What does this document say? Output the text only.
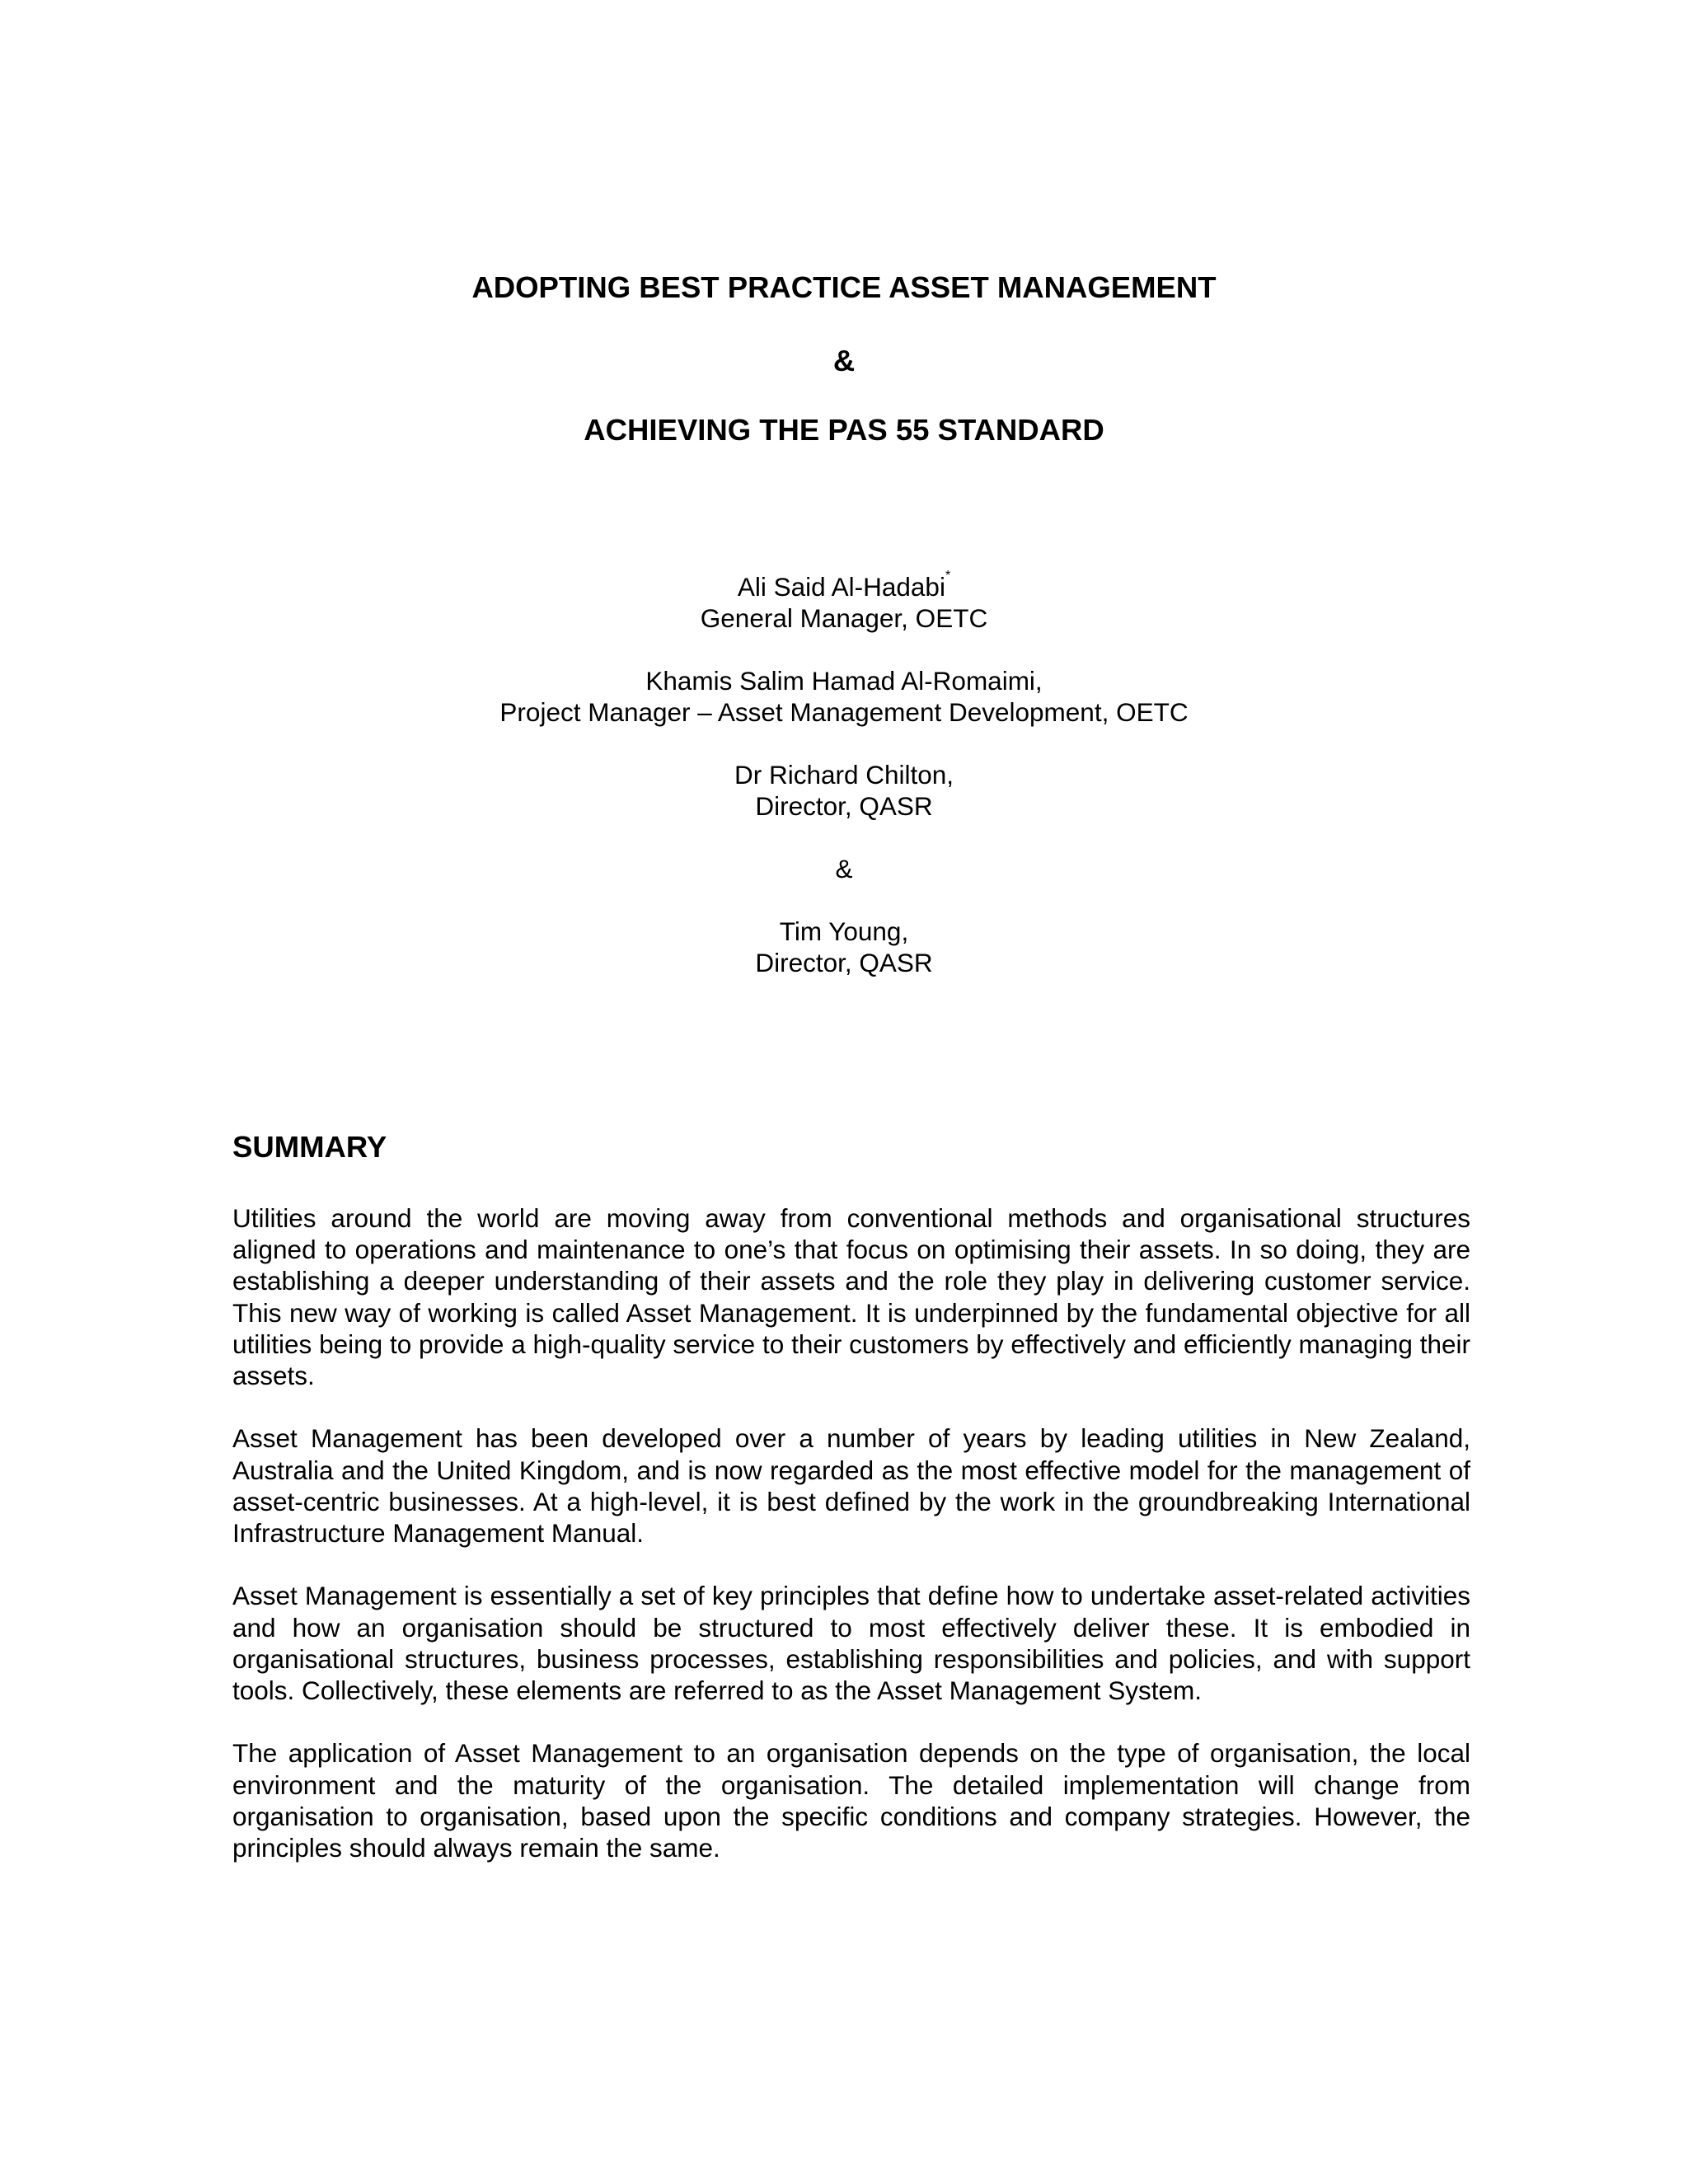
ADOPTING BEST PRACTICE ASSET MANAGEMENT
&
ACHIEVING THE PAS 55 STANDARD
Ali Said Al-Hadabi*
General Manager, OETC
Khamis Salim Hamad Al-Romaimi,
Project Manager – Asset Management Development, OETC
Dr Richard Chilton,
Director, QASR
&
Tim Young,
Director, QASR
SUMMARY

Utilities around the world are moving away from conventional methods and organisational structures aligned to operations and maintenance to one’s that focus on optimising their assets. In so doing, they are establishing a deeper understanding of their assets and the role they play in delivering customer service. This new way of working is called Asset Management. It is underpinned by the fundamental objective for all utilities being to provide a high-quality service to their customers by effectively and efficiently managing their assets.

Asset Management has been developed over a number of years by leading utilities in New Zealand, Australia and the United Kingdom, and is now regarded as the most effective model for the management of asset-centric businesses. At a high-level, it is best defined by the work in the groundbreaking International Infrastructure Management Manual.

Asset Management is essentially a set of key principles that define how to undertake asset-related activities and how an organisation should be structured to most effectively deliver these. It is embodied in organisational structures, business processes, establishing responsibilities and policies, and with support tools. Collectively, these elements are referred to as the Asset Management System.

The application of Asset Management to an organisation depends on the type of organisation, the local environment and the maturity of the organisation. The detailed implementation will change from organisation to organisation, based upon the specific conditions and company strategies. However, the principles should always remain the same.
